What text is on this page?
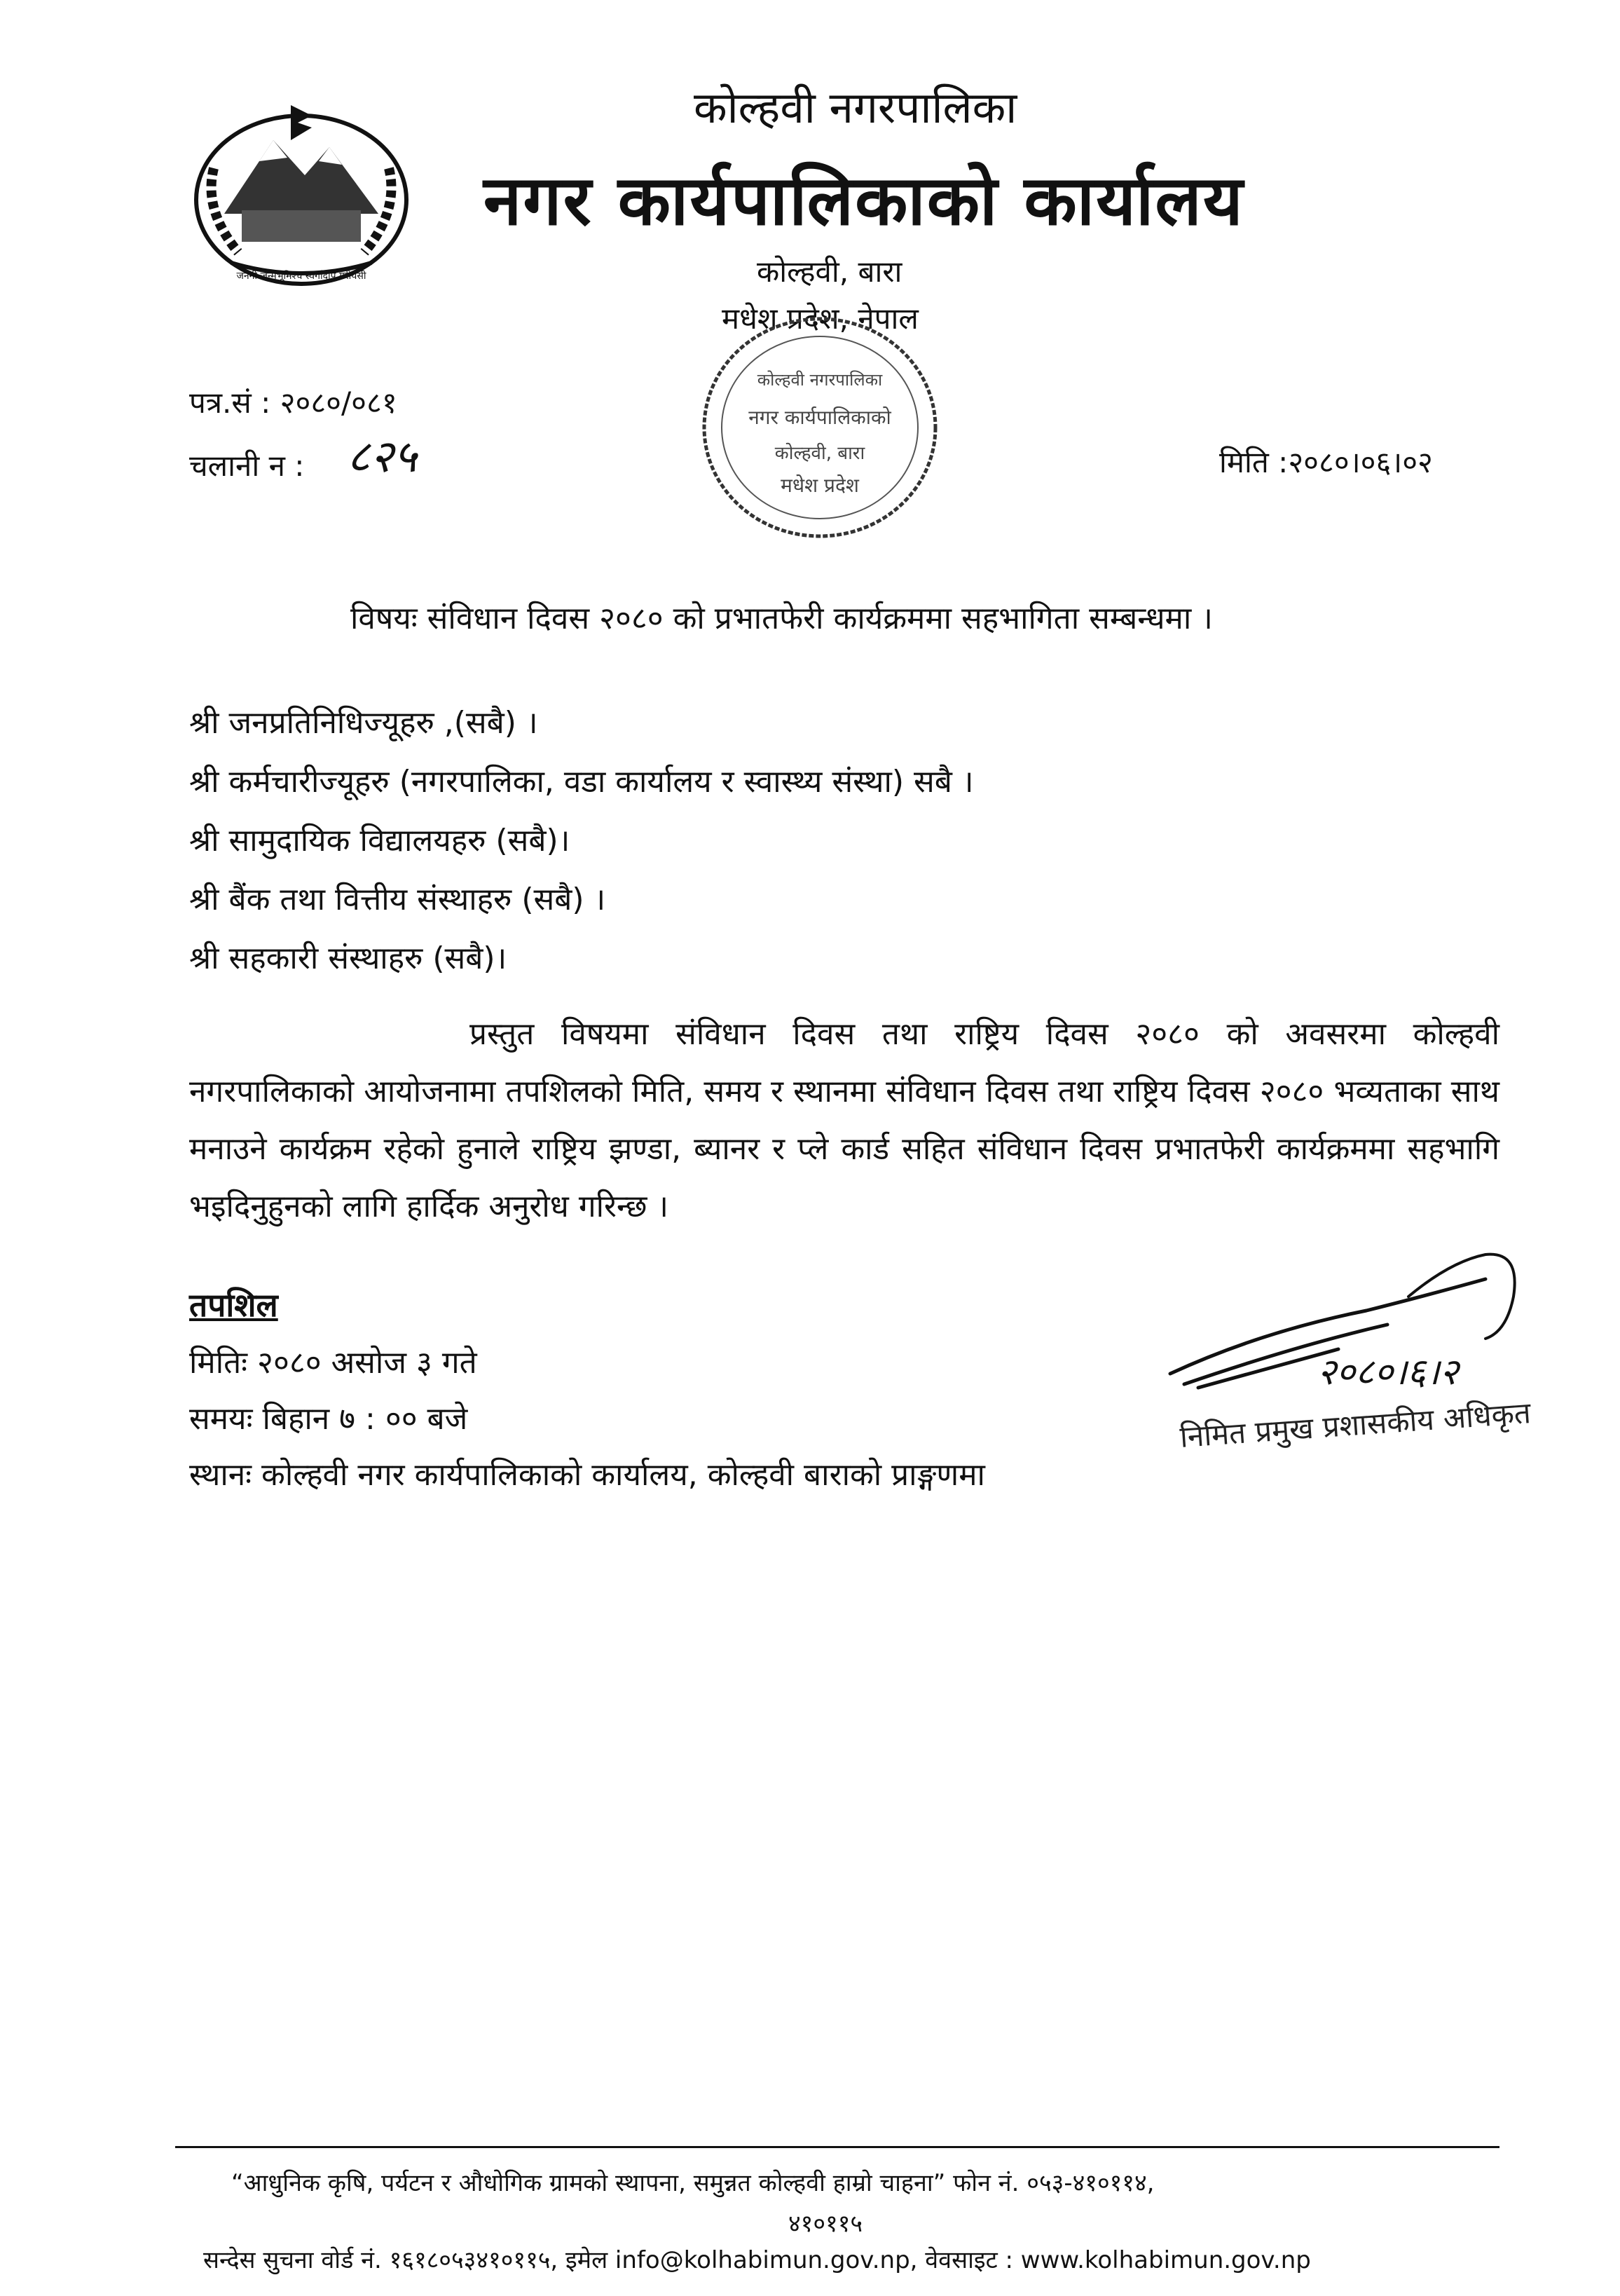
जननी जन्मभूमिश्च स्वर्गादपि गरीयसी
कोल्हवी नगरपालिका
नगर कार्यपालिकाको कार्यालय
कोल्हवी, बारा
मधेश प्रदेश, नेपाल
कोल्हवी नगरपालिका
नगर कार्यपालिकाको
कोल्हवी, बारा
मधेश प्रदेश
पत्र.सं : २०८०/०८१
चलानी न : ८२५	मिति :२०८०।०६।०२
विषयः संविधान दिवस २०८० को प्रभातफेरी कार्यक्रममा सहभागिता सम्बन्धमा ।
श्री जनप्रतिनिधिज्यूहरु ,(सबै) ।
श्री कर्मचारीज्यूहरु (नगरपालिका, वडा कार्यालय र स्वास्थ्य संस्था) सबै ।
श्री सामुदायिक विद्यालयहरु (सबै)।
श्री बैंक तथा वित्तीय संस्थाहरु (सबै) ।
श्री सहकारी संस्थाहरु (सबै)।

प्रस्तुत विषयमा संविधान दिवस तथा राष्ट्रिय दिवस २०८० को अवसरमा कोल्हवी नगरपालिकाको आयोजनामा तपशिलको मिति, समय र स्थानमा संविधान दिवस तथा राष्ट्रिय दिवस २०८० भव्यताका साथ मनाउने कार्यक्रम रहेको हुनाले राष्ट्रिय झण्डा, ब्यानर र प्ले कार्ड सहित संविधान दिवस प्रभातफेरी कार्यक्रममा सहभागि भइदिनुहुनको लागि हार्दिक अनुरोध गरिन्छ ।

तपशिल
मितिः २०८० असोज ३ गते
समयः बिहान ७ : ०० बजे
स्थानः कोल्हवी नगर कार्यपालिकाको कार्यालय, कोल्हवी बाराको प्राङ्गणमा
२०८०।६।२
निमित प्रमुख प्रशासकीय अधिकृत
“आधुनिक कृषि, पर्यटन र औधोगिक ग्रामको स्थापना, समुन्नत कोल्हवी हाम्रो चाहना” फोन नं. ०५३-४१०११४,
४१०११५
सन्देस सुचना वोर्ड नं. १६१८०५३४१०११५, इमेल info@kolhabimun.gov.np, वेवसाइट : www.kolhabimun.gov.np
